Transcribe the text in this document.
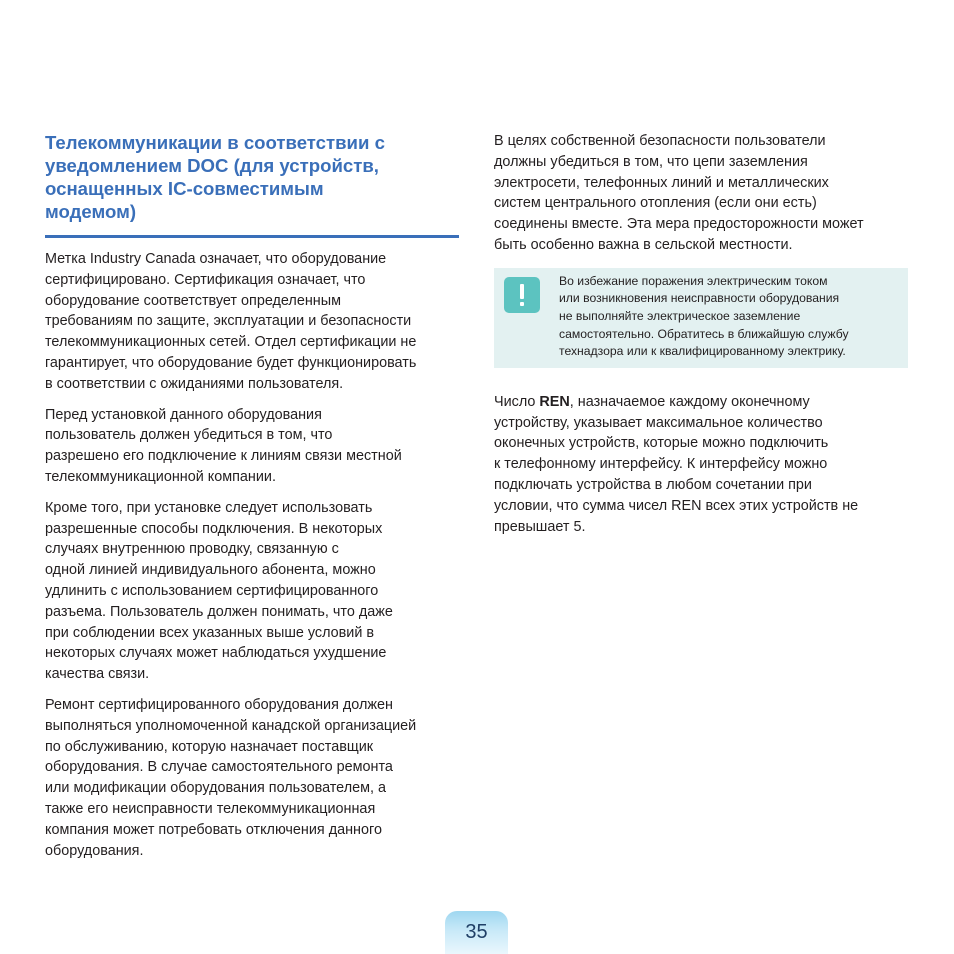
Телекоммуникации в соответствии с
уведомлением DOC (для устройств,
оснащенных IC-совместимым
модемом)

Метка Industry Canada означает, что оборудование
сертифицировано. Сертификация означает, что
оборудование соответствует определенным
требованиям по защите, эксплуатации и безопасности
телекоммуникационных сетей. Отдел сертификации не
гарантирует, что оборудование будет функционировать
в соответствии с ожиданиями пользователя.

Перед установкой данного оборудования
пользователь должен убедиться в том, что
разрешено его подключение к линиям связи местной
телекоммуникационной компании.

Кроме того, при установке следует использовать
разрешенные способы подключения. В некоторых
случаях внутреннюю проводку, связанную с
одной линией индивидуального абонента, можно
удлинить с использованием сертифицированного
разъема. Пользователь должен понимать, что даже
при соблюдении всех указанных выше условий в
некоторых случаях может наблюдаться ухудшение
качества связи.

Ремонт сертифицированного оборудования должен
выполняться уполномоченной канадской организацией
по обслуживанию, которую назначает поставщик
оборудования. В случае самостоятельного ремонта
или модификации оборудования пользователем, а
также его неисправности телекоммуникационная
компания может потребовать отключения данного
оборудования.

В целях собственной безопасности пользователи
должны убедиться в том, что цепи заземления
электросети, телефонных линий и металлических
систем центрального отопления (если они есть)
соединены вместе. Эта мера предосторожности может
быть особенно важна в сельской местности.

Во избежание поражения электрическим током
или возникновения неисправности оборудования
не выполняйте электрическое заземление
самостоятельно. Обратитесь в ближайшую службу
технадзора или к квалифицированному электрику.

Число REN, назначаемое каждому оконечному
устройству, указывает максимальное количество
оконечных устройств, которые можно подключить
к телефонному интерфейсу. К интерфейсу можно
подключать устройства в любом сочетании при
условии, что сумма чисел REN всех этих устройств не
превышает 5.

35
